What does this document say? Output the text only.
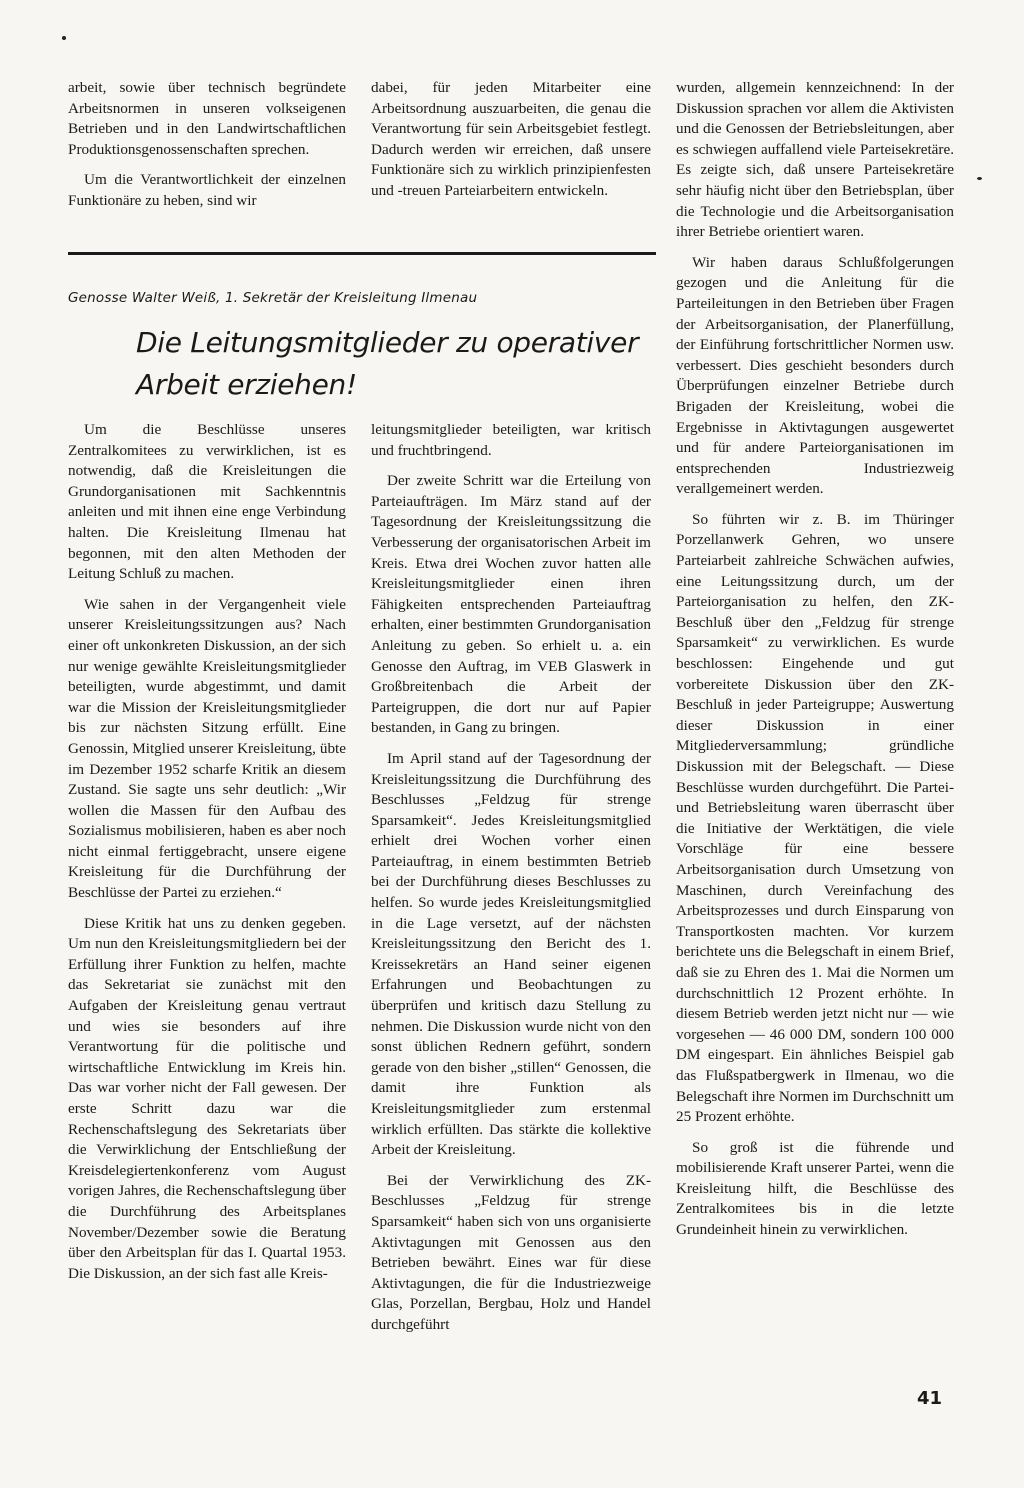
arbeit, sowie über technisch begründete Arbeitsnormen in unseren volkseigenen Betrieben und in den Landwirtschaftlichen Produktionsgenossenschaften sprechen.

Um die Verantwortlichkeit der einzelnen Funktionäre zu heben, sind wir

dabei, für jeden Mitarbeiter eine Arbeitsordnung auszuarbeiten, die genau die Verantwortung für sein Arbeitsgebiet festlegt. Dadurch werden wir erreichen, daß unsere Funktionäre sich zu wirklich prinzipienfesten und -treuen Parteiarbeitern entwickeln.

Genosse Walter Weiß, 1. Sekretär der Kreisleitung Ilmenau
Die Leitungsmitglieder zu operativer Arbeit erziehen!

Um die Beschlüsse unseres Zentralkomitees zu verwirklichen, ist es notwendig, daß die Kreisleitungen die Grundorganisationen mit Sachkenntnis anleiten und mit ihnen eine enge Verbindung halten. Die Kreisleitung Ilmenau hat begonnen, mit den alten Methoden der Leitung Schluß zu machen.

Wie sahen in der Vergangenheit viele unserer Kreisleitungssitzungen aus? Nach einer oft unkonkreten Diskussion, an der sich nur wenige gewählte Kreisleitungsmitglieder beteiligten, wurde abgestimmt, und damit war die Mission der Kreisleitungsmitglieder bis zur nächsten Sitzung erfüllt. Eine Genossin, Mitglied unserer Kreisleitung, übte im Dezember 1952 scharfe Kritik an diesem Zustand. Sie sagte uns sehr deutlich: „Wir wollen die Massen für den Aufbau des Sozialismus mobilisieren, haben es aber noch nicht einmal fertiggebracht, unsere eigene Kreisleitung für die Durchführung der Beschlüsse der Partei zu erziehen.“

Diese Kritik hat uns zu denken gegeben. Um nun den Kreisleitungsmitgliedern bei der Erfüllung ihrer Funktion zu helfen, machte das Sekretariat sie zunächst mit den Aufgaben der Kreisleitung genau vertraut und wies sie besonders auf ihre Verantwortung für die politische und wirtschaftliche Entwicklung im Kreis hin. Das war vorher nicht der Fall gewesen. Der erste Schritt dazu war die Rechenschaftslegung des Sekretariats über die Verwirklichung der Entschließung der Kreisdelegiertenkonferenz vom August vorigen Jahres, die Rechenschaftslegung über die Durchführung des Arbeitsplanes November/Dezember sowie die Beratung über den Arbeitsplan für das I. Quartal 1953. Die Diskussion, an der sich fast alle Kreis-

leitungsmitglieder beteiligten, war kritisch und fruchtbringend.

Der zweite Schritt war die Erteilung von Parteiaufträgen. Im März stand auf der Tagesordnung der Kreisleitungssitzung die Verbesserung der organisatorischen Arbeit im Kreis. Etwa drei Wochen zuvor hatten alle Kreisleitungsmitglieder einen ihren Fähigkeiten entsprechenden Parteiauftrag erhalten, einer bestimmten Grundorganisation Anleitung zu geben. So erhielt u. a. ein Genosse den Auftrag, im VEB Glaswerk in Großbreitenbach die Arbeit der Parteigruppen, die dort nur auf Papier bestanden, in Gang zu bringen.

Im April stand auf der Tagesordnung der Kreisleitungssitzung die Durchführung des Beschlusses „Feldzug für strenge Sparsamkeit“. Jedes Kreisleitungsmitglied erhielt drei Wochen vorher einen Parteiauftrag, in einem bestimmten Betrieb bei der Durchführung dieses Beschlusses zu helfen. So wurde jedes Kreisleitungsmitglied in die Lage versetzt, auf der nächsten Kreisleitungssitzung den Bericht des 1. Kreissekretärs an Hand seiner eigenen Erfahrungen und Beobachtungen zu überprüfen und kritisch dazu Stellung zu nehmen. Die Diskussion wurde nicht von den sonst üblichen Rednern geführt, sondern gerade von den bisher „stillen“ Genossen, die damit ihre Funktion als Kreisleitungsmitglieder zum erstenmal wirklich erfüllten. Das stärkte die kollektive Arbeit der Kreisleitung.

Bei der Verwirklichung des ZK-Beschlusses „Feldzug für strenge Sparsamkeit“ haben sich von uns organisierte Aktivtagungen mit Genossen aus den Betrieben bewährt. Eines war für diese Aktivtagungen, die für die Industriezweige Glas, Porzellan, Bergbau, Holz und Handel durchgeführt

wurden, allgemein kennzeichnend: In der Diskussion sprachen vor allem die Aktivisten und die Genossen der Betriebsleitungen, aber es schwiegen auffallend viele Parteisekretäre. Es zeigte sich, daß unsere Parteisekretäre sehr häufig nicht über den Betriebsplan, über die Technologie und die Arbeitsorganisation ihrer Betriebe orientiert waren.

Wir haben daraus Schlußfolgerungen gezogen und die Anleitung für die Parteileitungen in den Betrieben über Fragen der Arbeitsorganisation, der Planerfüllung, der Einführung fortschrittlicher Normen usw. verbessert. Dies geschieht besonders durch Überprüfungen einzelner Betriebe durch Brigaden der Kreisleitung, wobei die Ergebnisse in Aktivtagungen ausgewertet und für andere Parteiorganisationen im entsprechenden Industriezweig verallgemeinert werden.

So führten wir z. B. im Thüringer Porzellanwerk Gehren, wo unsere Parteiarbeit zahlreiche Schwächen aufwies, eine Leitungssitzung durch, um der Parteiorganisation zu helfen, den ZK-Beschluß über den „Feldzug für strenge Sparsamkeit“ zu verwirklichen. Es wurde beschlossen: Eingehende und gut vorbereitete Diskussion über den ZK-Beschluß in jeder Parteigruppe; Auswertung dieser Diskussion in einer Mitgliederversammlung; gründliche Diskussion mit der Belegschaft. — Diese Beschlüsse wurden durchgeführt. Die Partei- und Betriebsleitung waren überrascht über die Initiative der Werktätigen, die viele Vorschläge für eine bessere Arbeitsorganisation durch Umsetzung von Maschinen, durch Vereinfachung des Arbeitsprozesses und durch Einsparung von Transportkosten machten. Vor kurzem berichtete uns die Belegschaft in einem Brief, daß sie zu Ehren des 1. Mai die Normen um durchschnittlich 12 Prozent erhöhte. In diesem Betrieb werden jetzt nicht nur — wie vorgesehen — 46 000 DM, sondern 100 000 DM eingespart. Ein ähnliches Beispiel gab das Flußspatbergwerk in Ilmenau, wo die Belegschaft ihre Normen im Durchschnitt um 25 Prozent erhöhte.

So groß ist die führende und mobilisierende Kraft unserer Partei, wenn die Kreisleitung hilft, die Beschlüsse des Zentralkomitees bis in die letzte Grundeinheit hinein zu verwirklichen.

41
